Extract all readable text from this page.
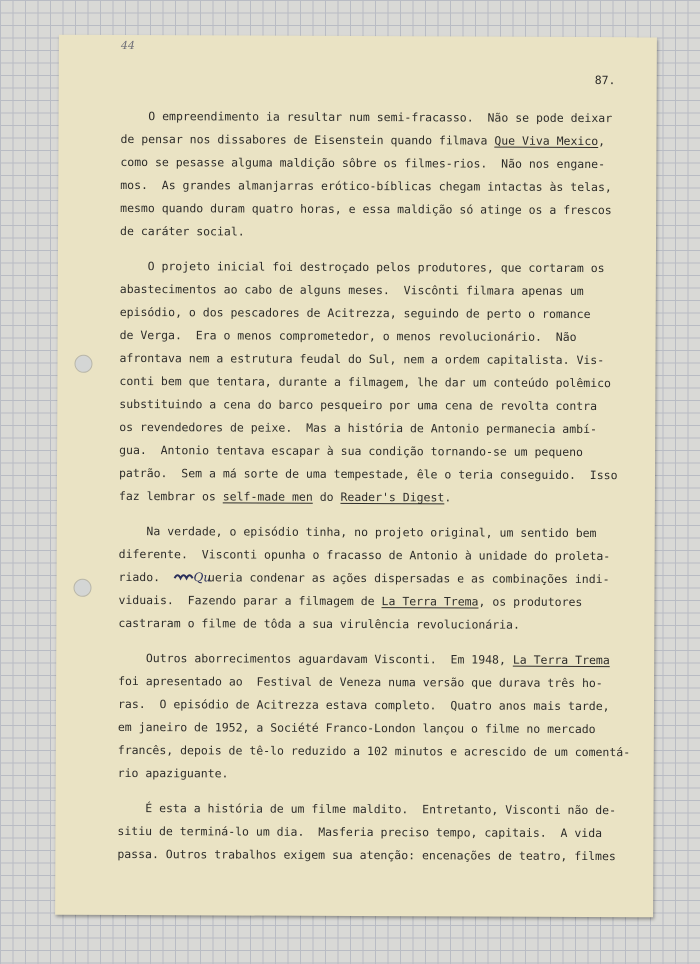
44
87.
O empreendimento ia resultar num semi-fracasso.  Não se pode deixar
de pensar nos dissabores de Eisenstein quando filmava Que Viva Mexico,
como se pesasse alguma maldição sôbre os filmes-rios.  Não nos engane-
mos.  As grandes almanjarras erótico-bíblicas chegam intactas às telas,
mesmo quando duram quatro horas, e essa maldição só atinge os a frescos
de caráter social.
O projeto inicial foi destroçado pelos produtores, que cortaram os
abastecimentos ao cabo de alguns meses.  Viscônti filmara apenas um
episódio, o dos pescadores de Acitrezza, seguindo de perto o romance
de Verga.  Era o menos comprometedor, o menos revolucionário.  Não
afrontava nem a estrutura feudal do Sul, nem a ordem capitalista. Vis-
conti bem que tentara, durante a filmagem, lhe dar um conteúdo polêmico
substituindo a cena do barco pesqueiro por uma cena de revolta contra
os revendedores de peixe.  Mas a história de Antonio permanecia ambí-
gua.  Antonio tentava escapar à sua condição tornando-se um pequeno
patrão.  Sem a má sorte de uma tempestade, êle o teria conseguido.  Isso
faz lembrar os self-made men do Reader's Digest.
Na verdade, o episódio tinha, no projeto original, um sentido bem
diferente.  Visconti opunha o fracasso de Antonio à unidade do proleta-
riado. Qu
ueria condenar as ações dispersadas e as combinações indi-
viduais.  Fazendo parar a filmagem de La Terra Trema, os produtores
castraram o filme de tôda a sua virulência revolucionária.
Outros aborrecimentos aguardavam Visconti.  Em 1948, La Terra Trema
foi apresentado ao  Festival de Veneza numa versão que durava três ho-
ras.  O episódio de Acitrezza estava completo.  Quatro anos mais tarde,
em janeiro de 1952, a Société Franco-London lançou o filme no mercado
francês, depois de tê-lo reduzido a 102 minutos e acrescido de um comentá-
rio apaziguante.
É esta a história de um filme maldito.  Entretanto, Visconti não de-
sitiu de terminá-lo um dia.  Masferia preciso tempo, capitais.  A vida
passa. Outros trabalhos exigem sua atenção: encenações de teatro, filmes
